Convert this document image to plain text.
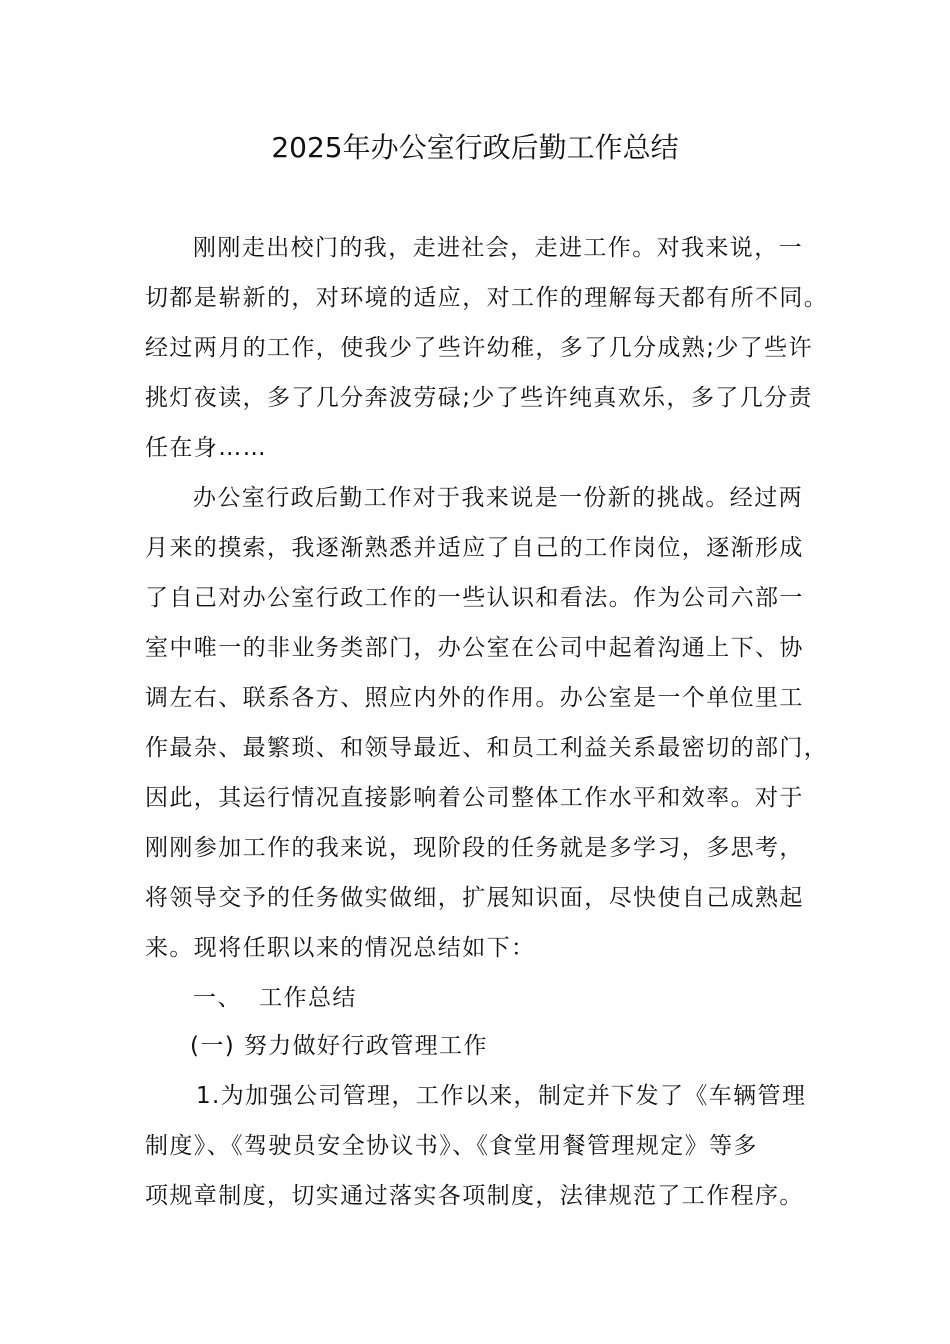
2025年办公室行政后勤工作总结
刚刚走出校门的我，走进社会，走进工作。对我来说，一
切都是崭新的，对环境的适应，对工作的理解每天都有所不同。
经过两月的工作，使我少了些许幼稚，多了几分成熟;少了些许
挑灯夜读，多了几分奔波劳碌;少了些许纯真欢乐，多了几分责
任在身……
办公室行政后勤工作对于我来说是一份新的挑战。经过两
月来的摸索，我逐渐熟悉并适应了自己的工作岗位，逐渐形成
了自己对办公室行政工作的一些认识和看法。作为公司六部一
室中唯一的非业务类部门，办公室在公司中起着沟通上下、协
调左右、联系各方、照应内外的作用。办公室是一个单位里工
作最杂、最繁琐、和领导最近、和员工利益关系最密切的部门，
因此，其运行情况直接影响着公司整体工作水平和效率。对于
刚刚参加工作的我来说，现阶段的任务就是多学习，多思考，
将领导交予的任务做实做细，扩展知识面，尽快使自己成熟起
来。现将任职以来的情况总结如下：
一、  工作总结
(一) 努力做好行政管理工作
1.为加强公司管理，工作以来，制定并下发了《车辆管理
制度》、《驾驶员安全协议书》、《食堂用餐管理规定》等多
项规章制度，切实通过落实各项制度，法律规范了工作程序。
